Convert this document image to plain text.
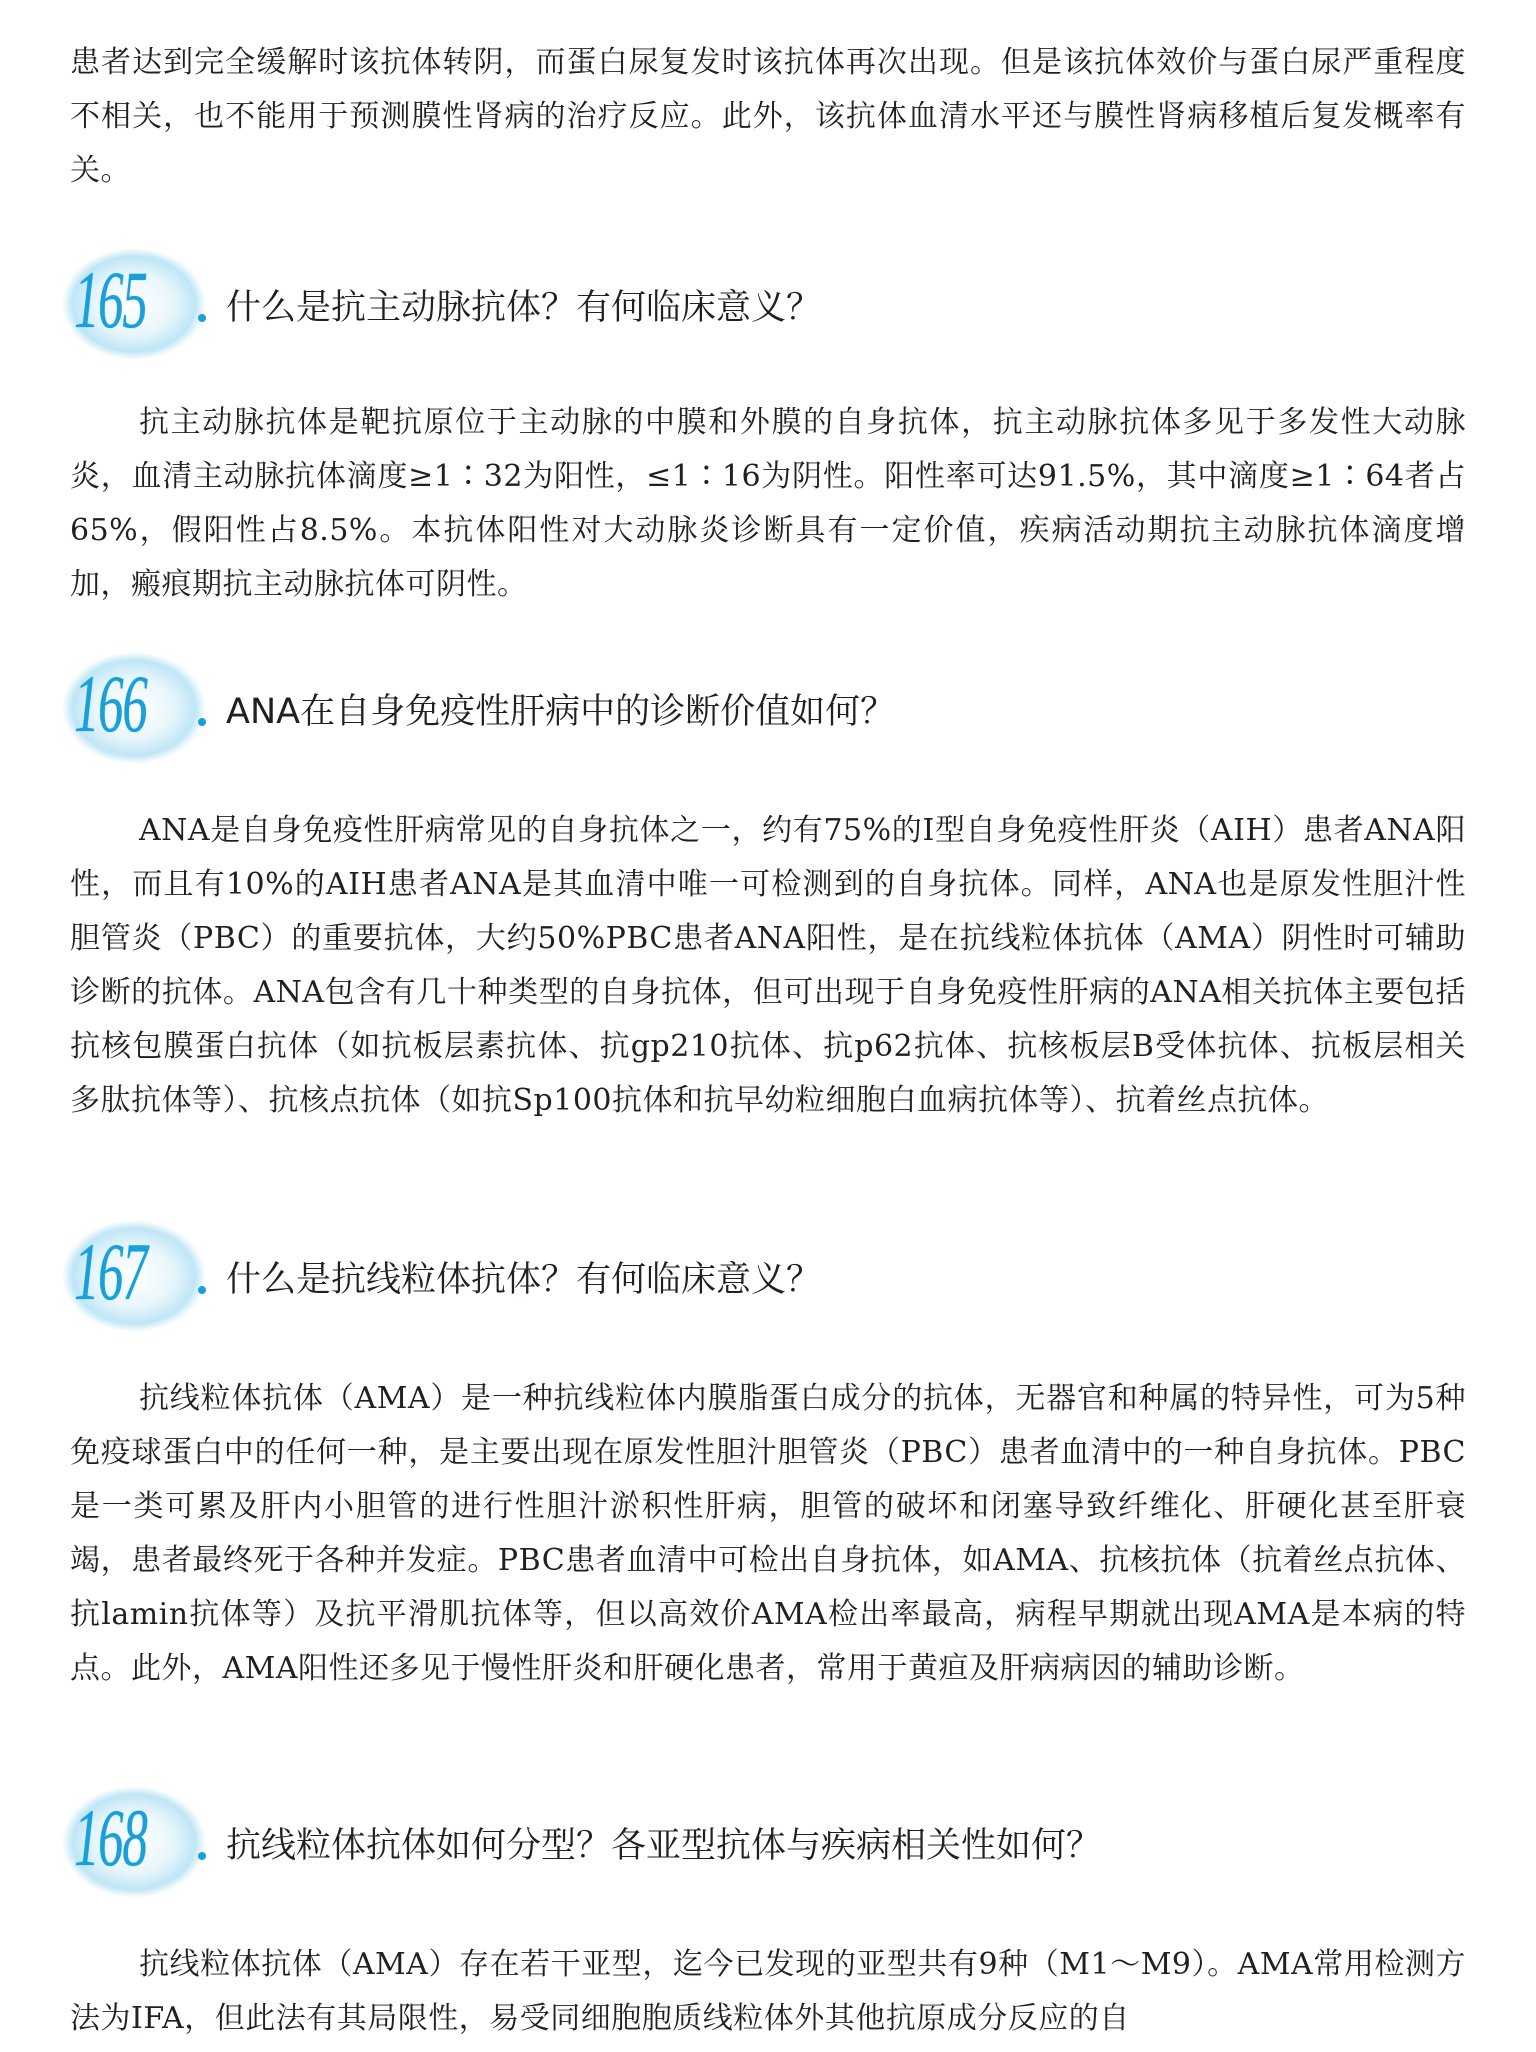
患者达到完全缓解时该抗体转阴，而蛋白尿复发时该抗体再次出现。但是该抗体效价与蛋白尿严重程度不相关，也不能用于预测膜性肾病的治疗反应。此外，该抗体血清水平还与膜性肾病移植后复发概率有关。

165	什么是抗主动脉抗体？有何临床意义？

抗主动脉抗体是靶抗原位于主动脉的中膜和外膜的自身抗体，抗主动脉抗体多见于多发性大动脉炎，血清主动脉抗体滴度≥1∶32为阳性，≤1∶16为阴性。阳性率可达91.5%，其中滴度≥1∶64者占65%，假阳性占8.5%。本抗体阳性对大动脉炎诊断具有一定价值，疾病活动期抗主动脉抗体滴度增加，瘢痕期抗主动脉抗体可阴性。

166	ANA在自身免疫性肝病中的诊断价值如何？

ANA是自身免疫性肝病常见的自身抗体之一，约有75%的Ⅰ型自身免疫性肝炎（AIH）患者ANA阳性，而且有10%的AIH患者ANA是其血清中唯一可检测到的自身抗体。同样，ANA也是原发性胆汁性胆管炎（PBC）的重要抗体，大约50%PBC患者ANA阳性，是在抗线粒体抗体（AMA）阴性时可辅助诊断的抗体。ANA包含有几十种类型的自身抗体，但可出现于自身免疫性肝病的ANA相关抗体主要包括抗核包膜蛋白抗体（如抗板层素抗体、抗gp210抗体、抗p62抗体、抗核板层B受体抗体、抗板层相关多肽抗体等）、抗核点抗体（如抗Sp100抗体和抗早幼粒细胞白血病抗体等）、抗着丝点抗体。

167	什么是抗线粒体抗体？有何临床意义？

抗线粒体抗体（AMA）是一种抗线粒体内膜脂蛋白成分的抗体，无器官和种属的特异性，可为5种免疫球蛋白中的任何一种，是主要出现在原发性胆汁胆管炎（PBC）患者血清中的一种自身抗体。PBC是一类可累及肝内小胆管的进行性胆汁淤积性肝病，胆管的破坏和闭塞导致纤维化、肝硬化甚至肝衰竭，患者最终死于各种并发症。PBC患者血清中可检出自身抗体，如AMA、抗核抗体（抗着丝点抗体、抗lamin抗体等）及抗平滑肌抗体等，但以高效价AMA检出率最高，病程早期就出现AMA是本病的特点。此外，AMA阳性还多见于慢性肝炎和肝硬化患者，常用于黄疸及肝病病因的辅助诊断。

168	抗线粒体抗体如何分型？各亚型抗体与疾病相关性如何？

抗线粒体抗体（AMA）存在若干亚型，迄今已发现的亚型共有9种（M1～M9）。AMA常用检测方法为IFA，但此法有其局限性，易受同细胞胞质线粒体外其他抗原成分反应的自
